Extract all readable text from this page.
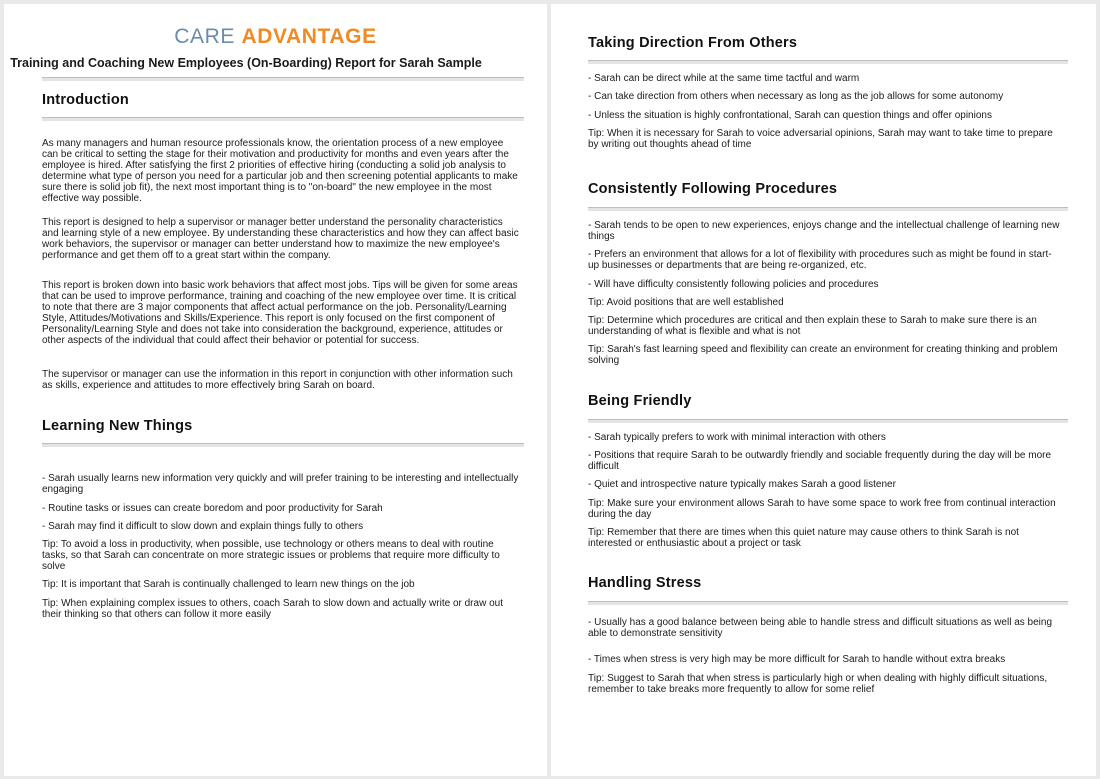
CARE ADVANTAGE
Training and Coaching New Employees (On-Boarding) Report for Sarah Sample
Introduction

As many managers and human resource professionals know, the orientation process of a new employee can be critical to setting the stage for their motivation and productivity for months and even years after the employee is hired. After satisfying the first 2 priorities of effective hiring (conducting a solid job analysis to determine what type of person you need for a particular job and then screening potential applicants to make sure there is solid job fit), the next most important thing is to "on-board" the new employee in the most effective way possible.

This report is designed to help a supervisor or manager better understand the personality characteristics and learning style of a new employee. By understanding these characteristics and how they can affect basic work behaviors, the supervisor or manager can better understand how to maximize the new employee's performance and get them off to a great start within the company.

This report is broken down into basic work behaviors that affect most jobs. Tips will be given for some areas that can be used to improve performance, training and coaching of the new employee over time. It is critical to note that there are 3 major components that affect actual performance on the job. Personality/Learning Style, Attitudes/Motivations and Skills/Experience. This report is only focused on the first component of Personality/Learning Style and does not take into consideration the background, experience, attitudes or other aspects of the individual that could affect their behavior or potential for success.

The supervisor or manager can use the information in this report in conjunction with other information such as skills, experience and attitudes to more effectively bring Sarah on board.

Learning New Things

- Sarah usually learns new information very quickly and will prefer training to be interesting and intellectually engaging

- Routine tasks or issues can create boredom and poor productivity for Sarah

- Sarah may find it difficult to slow down and explain things fully to others

Tip: To avoid a loss in productivity, when possible, use technology or others means to deal with routine tasks, so that Sarah can concentrate on more strategic issues or problems that require more difficulty to solve

Tip: It is important that Sarah is continually challenged to learn new things on the job

Tip: When explaining complex issues to others, coach Sarah to slow down and actually write or draw out their thinking so that others can follow it more easily

Taking Direction From Others

- Sarah can be direct while at the same time tactful and warm

- Can take direction from others when necessary as long as the job allows for some autonomy

- Unless the situation is highly confrontational, Sarah can question things and offer opinions

Tip: When it is necessary for Sarah to voice adversarial opinions, Sarah may want to take time to prepare by writing out thoughts ahead of time

Consistently Following Procedures

- Sarah tends to be open to new experiences, enjoys change and the intellectual challenge of learning new things

- Prefers an environment that allows for a lot of flexibility with procedures such as might be found in start-up businesses or departments that are being re-organized, etc.

- Will have difficulty consistently following policies and procedures

Tip: Avoid positions that are well established

Tip: Determine which procedures are critical and then explain these to Sarah to make sure there is an understanding of what is flexible and what is not

Tip: Sarah's fast learning speed and flexibility can create an environment for creating thinking and problem solving

Being Friendly

- Sarah typically prefers to work with minimal interaction with others

- Positions that require Sarah to be outwardly friendly and sociable frequently during the day will be more difficult

- Quiet and introspective nature typically makes Sarah a good listener

Tip: Make sure your environment allows Sarah to have some space to work free from continual interaction during the day

Tip: Remember that there are times when this quiet nature may cause others to think Sarah is not interested or enthusiastic about a project or task

Handling Stress

- Usually has a good balance between being able to handle stress and difficult situations as well as being able to demonstrate sensitivity

- Times when stress is very high may be more difficult for Sarah to handle without extra breaks

Tip: Suggest to Sarah that when stress is particularly high or when dealing with highly difficult situations, remember to take breaks more frequently to allow for some relief
